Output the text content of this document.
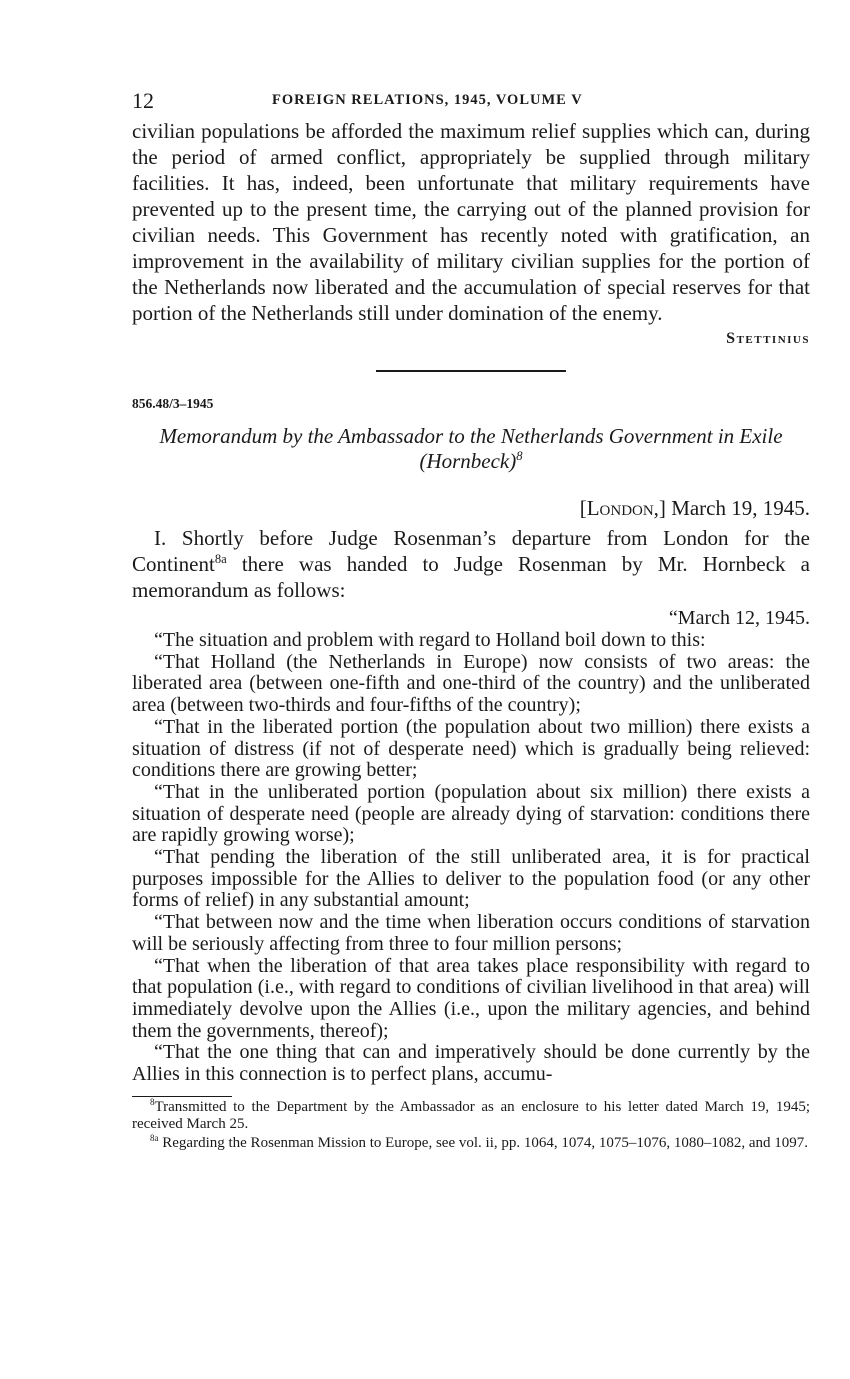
12	FOREIGN RELATIONS, 1945, VOLUME V

civilian populations be afforded the maximum relief supplies which can, during the period of armed conflict, appropriately be supplied through military facilities. It has, indeed, been unfortunate that military requirements have prevented up to the present time, the carrying out of the planned provision for civilian needs. This Government has recently noted with gratification, an improvement in the availability of military civilian supplies for the portion of the Netherlands now liberated and the accumulation of special reserves for that portion of the Netherlands still under domination of the enemy.

Stettinius
856.48/3–1945
Memorandum by the Ambassador to the Netherlands Government in Exile (Hornbeck)$^8$
[London,] March 19, 1945.

I. Shortly before Judge Rosenman’s departure from London for the Continent$^{8a}$ there was handed to Judge Rosenman by Mr. Hornbeck a memorandum as follows:

“March 12, 1945.

“The situation and problem with regard to Holland boil down to this:

“That Holland (the Netherlands in Europe) now consists of two areas: the liberated area (between one-fifth and one-third of the country) and the unliberated area (between two-thirds and four-fifths of the country);

“That in the liberated portion (the population about two million) there exists a situation of distress (if not of desperate need) which is gradually being relieved: conditions there are growing better;

“That in the unliberated portion (population about six million) there exists a situation of desperate need (people are already dying of starvation: conditions there are rapidly growing worse);

“That pending the liberation of the still unliberated area, it is for practical purposes impossible for the Allies to deliver to the population food (or any other forms of relief) in any substantial amount;

“That between now and the time when liberation occurs conditions of starvation will be seriously affecting from three to four million persons;

“That when the liberation of that area takes place responsibility with regard to that population (i.e., with regard to conditions of civilian livelihood in that area) will immediately devolve upon the Allies (i.e., upon the military agencies, and behind them the governments, thereof);

“That the one thing that can and imperatively should be done currently by the Allies in this connection is to perfect plans, accumu-

$^8$Transmitted to the Department by the Ambassador as an enclosure to his letter dated March 19, 1945; received March 25.

$^{8a}$ Regarding the Rosenman Mission to Europe, see vol. ii, pp. 1064, 1074, 1075–1076, 1080–1082, and 1097.
